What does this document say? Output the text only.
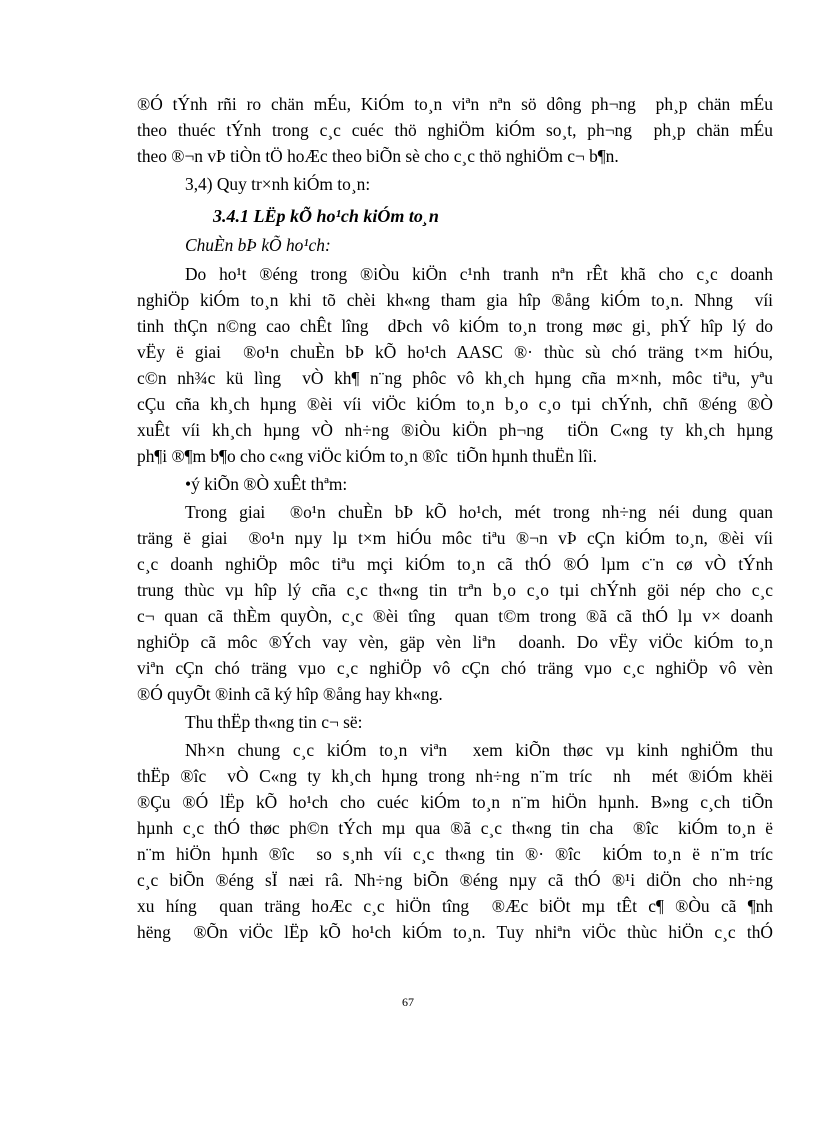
®Ó tÝnh rñi ro chän mÉu, KiÓm to¸n viªn nªn sö dông ph¬ng  ph¸p chän mÉu
theo thuéc tÝnh trong c¸c cuéc thö nghiÖm kiÓm so¸t, ph¬ng  ph¸p chän mÉu
theo ®¬n vÞ tiÒn tÖ hoÆc theo biÕn sè cho c¸c thö nghiÖm c¬ b¶n.
3,4) Quy tr×nh kiÓm to¸n:
3.4.1 LËp kÕ ho¹ch kiÓm to¸n
ChuÈn bÞ kÕ ho¹ch:
Do ho¹t ®éng trong ®iÒu kiÖn c¹nh tranh nªn rÊt khã cho c¸c doanh
nghiÖp kiÓm to¸n khi tõ chèi kh«ng tham gia hîp ®ång kiÓm to¸n. Nhng  víi
tinh thÇn n©ng cao chÊt lîng  dÞch vô kiÓm to¸n trong møc gi¸ phÝ hîp lý do
vËy ë giai  ®o¹n chuÈn bÞ kÕ ho¹ch AASC ®· thùc sù chó träng t×m hiÓu,
c©n nh¾c kü lìng  vÒ kh¶ n¨ng phôc vô kh¸ch hµng cña m×nh, môc tiªu, yªu
cÇu cña kh¸ch hµng ®èi víi viÖc kiÓm to¸n b¸o c¸o tµi chÝnh, chñ ®éng ®Ò
xuÊt víi kh¸ch hµng vÒ nh÷ng ®iÒu kiÖn ph¬ng  tiÖn C«ng ty kh¸ch hµng
ph¶i ®¶m b¶o cho c«ng viÖc kiÓm to¸n ®îc  tiÕn hµnh thuËn lîi.
•ý kiÕn ®Ò xuÊt thªm:
Trong giai  ®o¹n chuÈn bÞ kÕ ho¹ch, mét trong nh÷ng néi dung quan
träng ë giai  ®o¹n nµy lµ t×m hiÓu môc tiªu ®¬n vÞ cÇn kiÓm to¸n, ®èi víi
c¸c doanh nghiÖp môc tiªu mçi kiÓm to¸n cã thÓ ®Ó lµm c¨n cø vÒ tÝnh
trung thùc vµ hîp lý cña c¸c th«ng tin trªn b¸o c¸o tµi chÝnh göi nép cho c¸c
c¬ quan cã thÈm quyÒn, c¸c ®èi tîng  quan t©m trong ®ã cã thÓ lµ v× doanh
nghiÖp cã môc ®Ých vay vèn, gäp vèn liªn  doanh. Do vËy viÖc kiÓm to¸n
viªn cÇn chó träng vµo c¸c nghiÖp vô cÇn chó träng vµo c¸c nghiÖp vô vèn
®Ó quyÕt ®inh cã ký hîp ®ång hay kh«ng.
Thu thËp th«ng tin c¬ së:
Nh×n chung c¸c kiÓm to¸n viªn  xem kiÕn thøc vµ kinh nghiÖm thu
thËp ®îc  vÒ C«ng ty kh¸ch hµng trong nh÷ng n¨m tríc  nh  mét ®iÓm khëi
®Çu ®Ó lËp kÕ ho¹ch cho cuéc kiÓm to¸n n¨m hiÖn hµnh. B»ng c¸ch tiÕn
hµnh c¸c thÓ thøc ph©n tÝch mµ qua ®ã c¸c th«ng tin cha  ®îc  kiÓm to¸n ë
n¨m hiÖn hµnh ®îc  so s¸nh víi c¸c th«ng tin ®· ®îc  kiÓm to¸n ë n¨m tríc
c¸c biÕn ®éng sÏ næi râ. Nh÷ng biÕn ®éng nµy cã thÓ ®¹i diÖn cho nh÷ng
xu híng  quan träng hoÆc c¸c hiÖn tîng  ®Æc biÖt mµ tÊt c¶ ®Òu cã ¶nh
hëng  ®Õn viÖc lËp kÕ ho¹ch kiÓm to¸n. Tuy nhiªn viÖc thùc hiÖn c¸c thÓ
67
